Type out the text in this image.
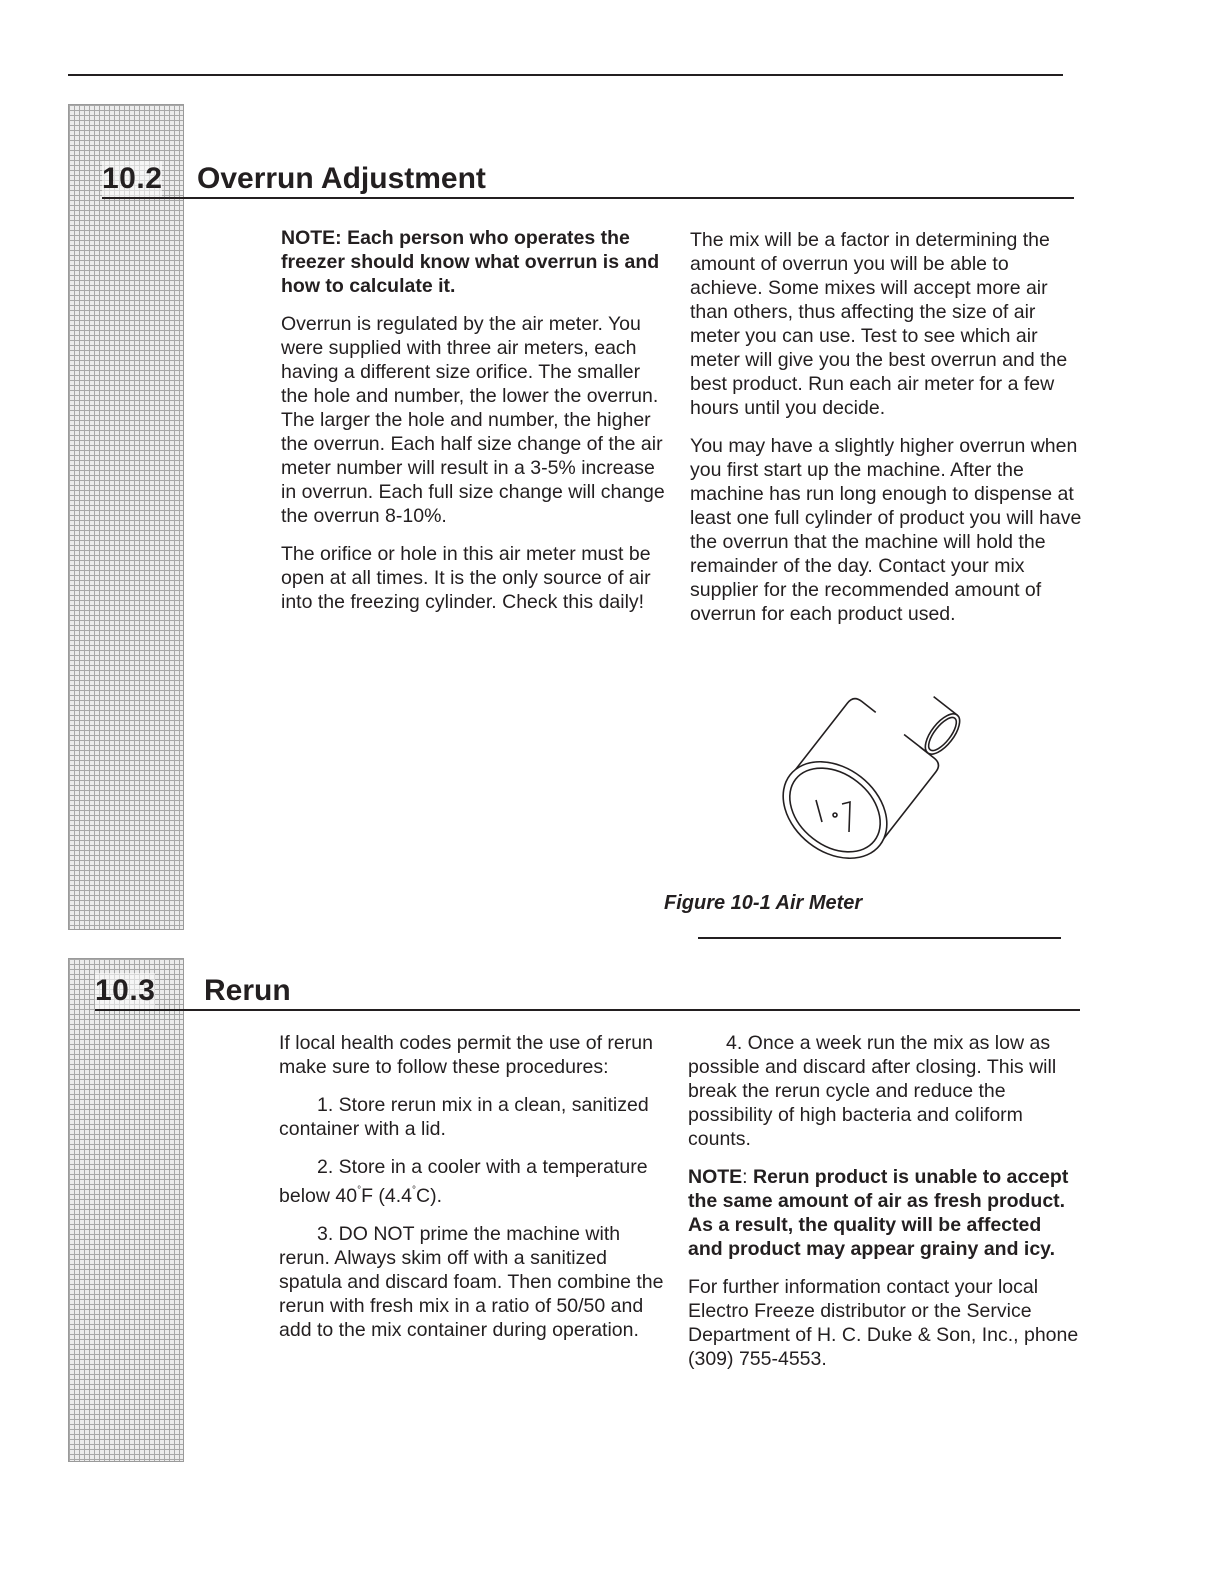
10.2 Overrun Adjustment

NOTE: Each person who operates the freezer should know what overrun is and how to calculate it.

Overrun is regulated by the air meter. You were supplied with three air meters, each having a different size orifice. The smaller the hole and number, the lower the overrun. The larger the hole and number, the higher the overrun. Each half size change of the air meter number will result in a 3-5% increase in overrun. Each full size change will change the overrun 8-10%.

The orifice or hole in this air meter must be open at all times. It is the only source of air into the freezing cylinder. Check this daily!

The mix will be a factor in determining the amount of overrun you will be able to achieve. Some mixes will accept more air than others, thus affecting the size of air meter you can use. Test to see which air meter will give you the best overrun and the best product. Run each air meter for a few hours until you decide.

You may have a slightly higher overrun when you first start up the machine. After the machine has run long enough to dispense at least one full cylinder of product you will have the overrun that the machine will hold the remainder of the day. Contact your mix supplier for the recommended amount of overrun for each product used.

Figure 10-1 Air Meter
10.3 Rerun

If local health codes permit the use of rerun make sure to follow these procedures:

1. Store rerun mix in a clean, sanitized container with a lid.

2. Store in a cooler with a temperature below 40°F (4.4°C).

3. DO NOT prime the machine with rerun. Always skim off with a sanitized spatula and discard foam. Then combine the rerun with fresh mix in a ratio of 50/50 and add to the mix container during operation.

4. Once a week run the mix as low as possible and discard after closing. This will break the rerun cycle and reduce the possibility of high bacteria and coliform counts.

NOTE: Rerun product is unable to accept the same amount of air as fresh product. As a result, the quality will be affected and product may appear grainy and icy.

For further information contact your local Electro Freeze distributor or the Service Department of H. C. Duke & Son, Inc., phone (309) 755-4553.
